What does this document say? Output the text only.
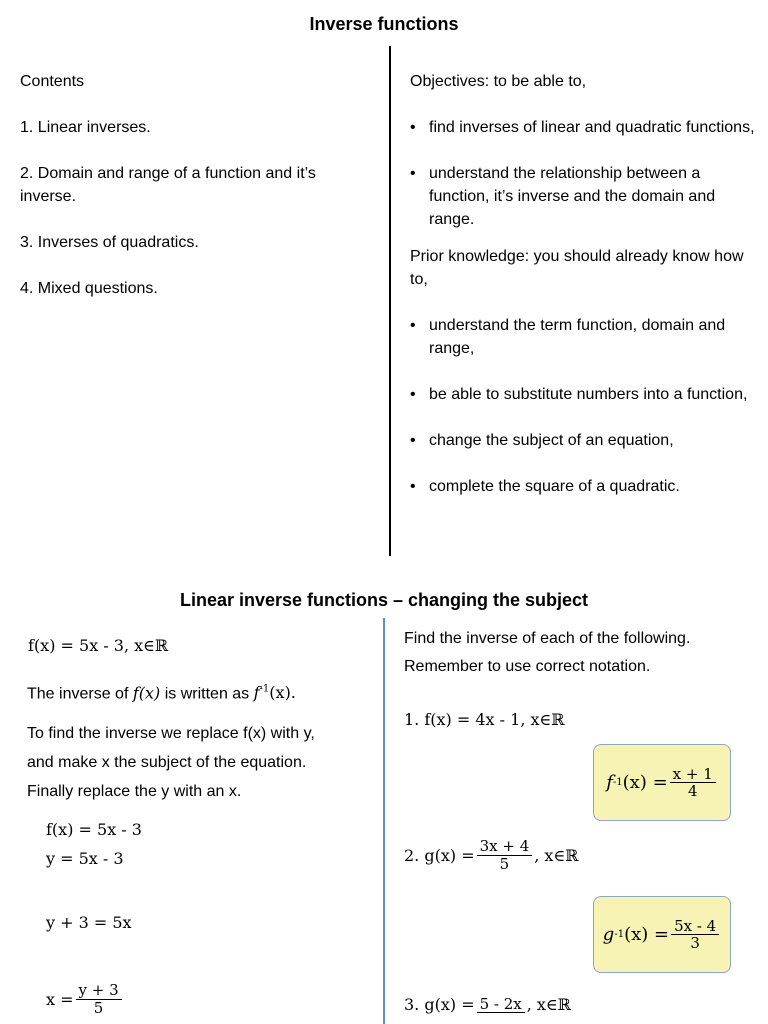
Inverse functions
Contents
1. Linear inverses.
2. Domain and range of a function and it’s inverse.
3. Inverses of quadratics.
4. Mixed questions.
Objectives: to be able to,
• find inverses of linear and quadratic functions,
• understand the relationship between a function, it’s inverse and the domain and range.
Prior knowledge: you should already know how to,
• understand the term function, domain and range,
• be able to substitute numbers into a function,
• change the subject of an equation,
• complete the square of a quadratic.
Linear inverse functions – changing the subject
f(x) = 5x - 3, x∈ℝ
The inverse of f(x) is written as $f^{-1}(x)$.
To find the inverse we replace f(x) with y,
and make x the subject of the equation.
Finally replace the y with an x.
f(x) = 5x - 3
y = 5x - 3
y + 3 = 5x
$x = \frac{y + 3}{5}$
Find the inverse of each of the following.
Remember to use correct notation.
1. f(x) = 4x - 1, x∈ℝ
f -1 $(x) = \frac{x + 1}{4}$
2. $g(x) = \frac{3x + 4}{5}$ , x∈ℝ
g -1 $(x) = \frac{5x - 4}{3}$
3. g(x) = 5 - 2x , x∈ℝ
